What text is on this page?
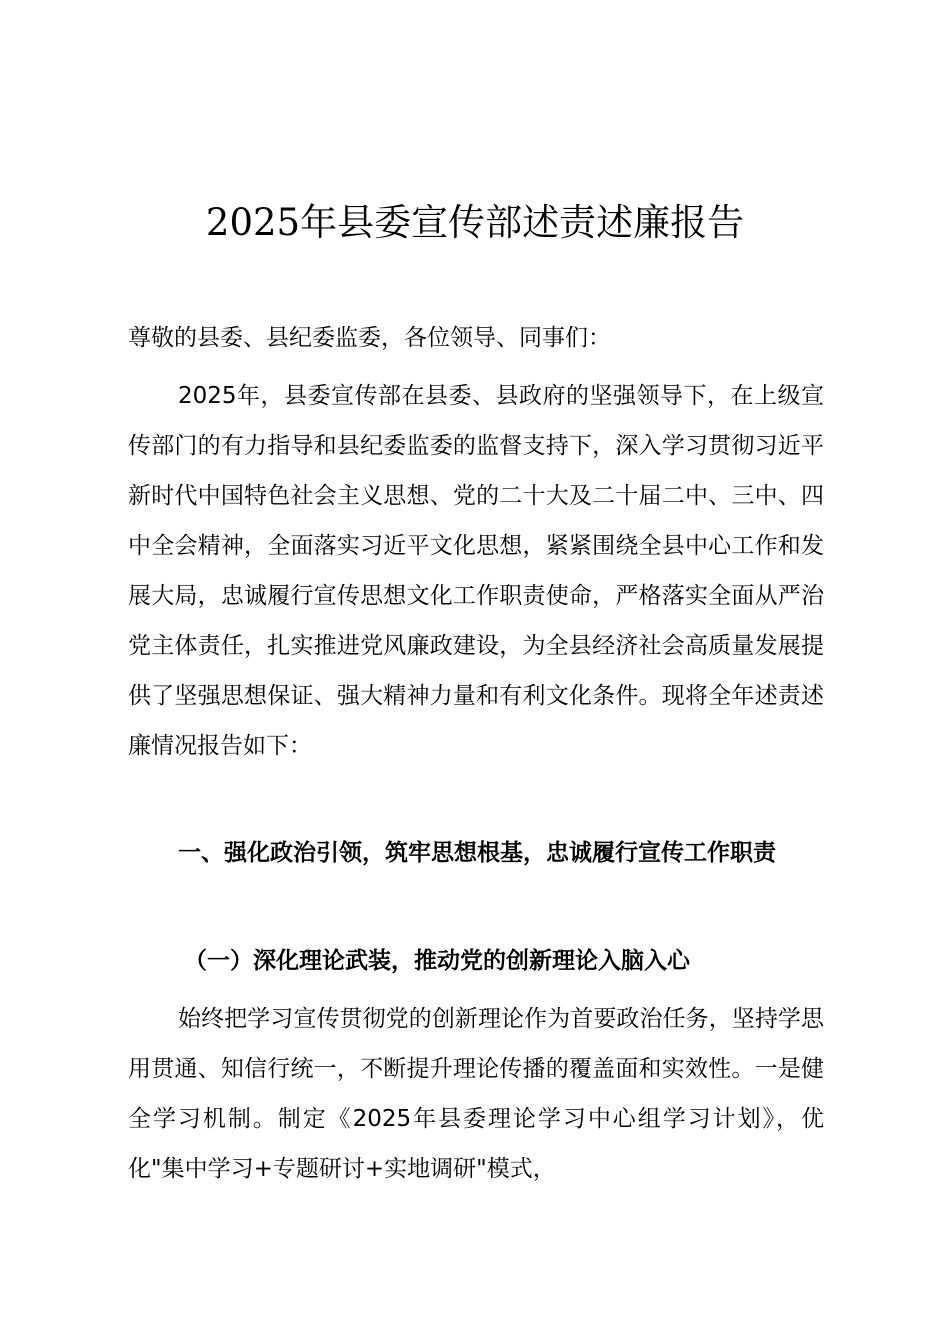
2025年县委宣传部述责述廉报告

尊敬的县委、县纪委监委，各位领导、同事们：

2025年，县委宣传部在县委、县政府的坚强领导下，在上级宣传部门的有力指导和县纪委监委的监督支持下，深入学习贯彻习近平新时代中国特色社会主义思想、党的二十大及二十届二中、三中、四中全会精神，全面落实习近平文化思想，紧紧围绕全县中心工作和发展大局，忠诚履行宣传思想文化工作职责使命，严格落实全面从严治党主体责任，扎实推进党风廉政建设，为全县经济社会高质量发展提供了坚强思想保证、强大精神力量和有利文化条件。现将全年述责述廉情况报告如下：

一、强化政治引领，筑牢思想根基，忠诚履行宣传工作职责

（一）深化理论武装，推动党的创新理论入脑入心

始终把学习宣传贯彻党的创新理论作为首要政治任务，坚持学思用贯通、知信行统一，不断提升理论传播的覆盖面和实效性。一是健全学习机制。制定《2025年县委理论学习中心组学习计划》，优化"集中学习+专题研讨+实地调研"模式，
